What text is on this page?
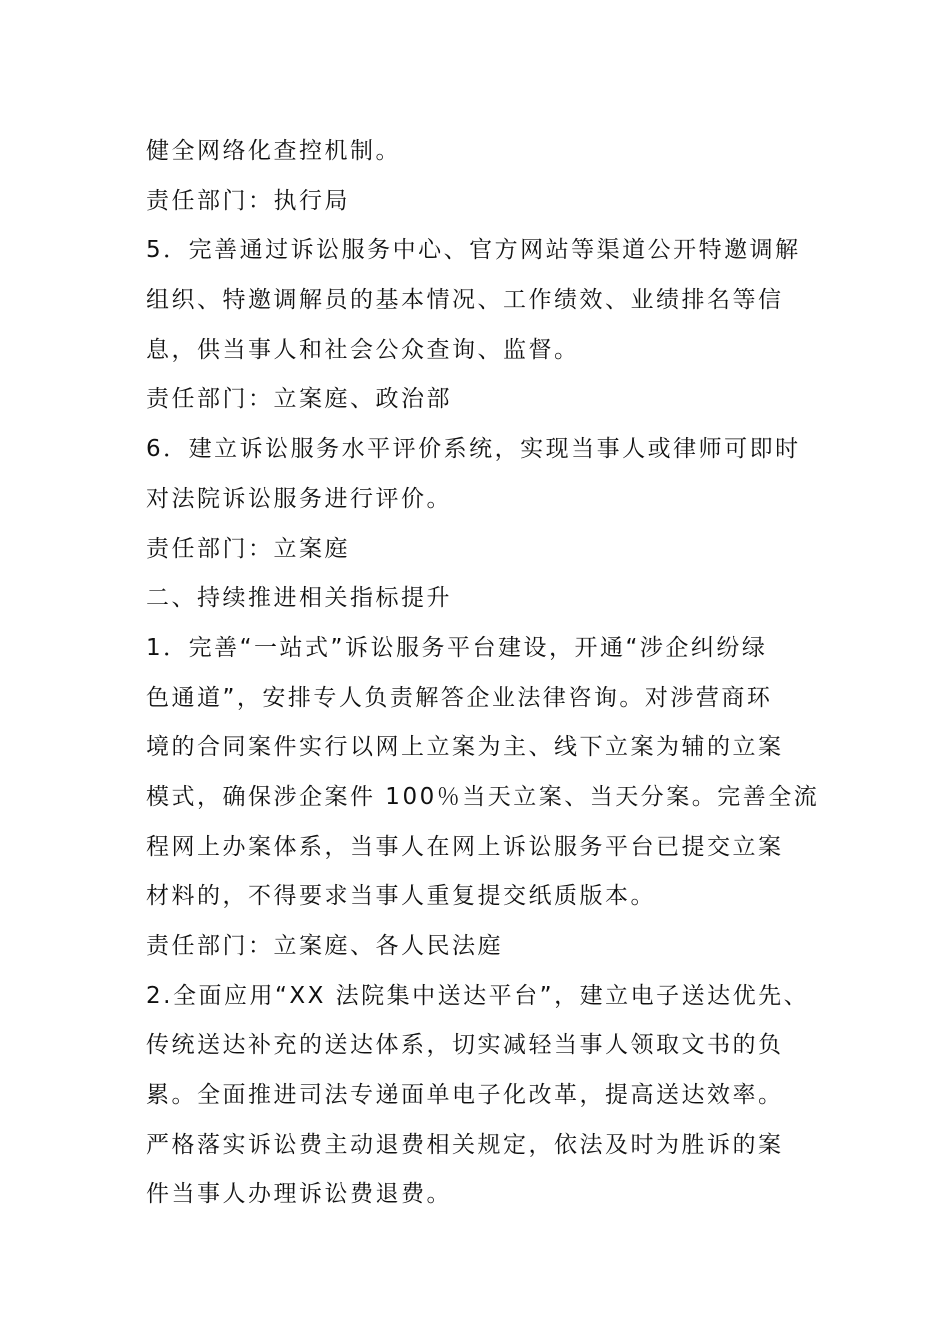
健全网络化查控机制。
责任部门：执行局
5．完善通过诉讼服务中心、官方网站等渠道公开特邀调解
组织、特邀调解员的基本情况、工作绩效、业绩排名等信
息，供当事人和社会公众查询、监督。
责任部门：立案庭、政治部
6．建立诉讼服务水平评价系统，实现当事人或律师可即时
对法院诉讼服务进行评价。
责任部门：立案庭
二、持续推进相关指标提升
1．完善“一站式”诉讼服务平台建设，开通“涉企纠纷绿
色通道”，安排专人负责解答企业法律咨询。对涉营商环
境的合同案件实行以网上立案为主、线下立案为辅的立案
模式，确保涉企案件 100％当天立案、当天分案。完善全流
程网上办案体系，当事人在网上诉讼服务平台已提交立案
材料的，不得要求当事人重复提交纸质版本。
责任部门：立案庭、各人民法庭
2.全面应用“XX 法院集中送达平台”，建立电子送达优先、
传统送达补充的送达体系，切实减轻当事人领取文书的负
累。全面推进司法专递面单电子化改革，提高送达效率。
严格落实诉讼费主动退费相关规定，依法及时为胜诉的案
件当事人办理诉讼费退费。
